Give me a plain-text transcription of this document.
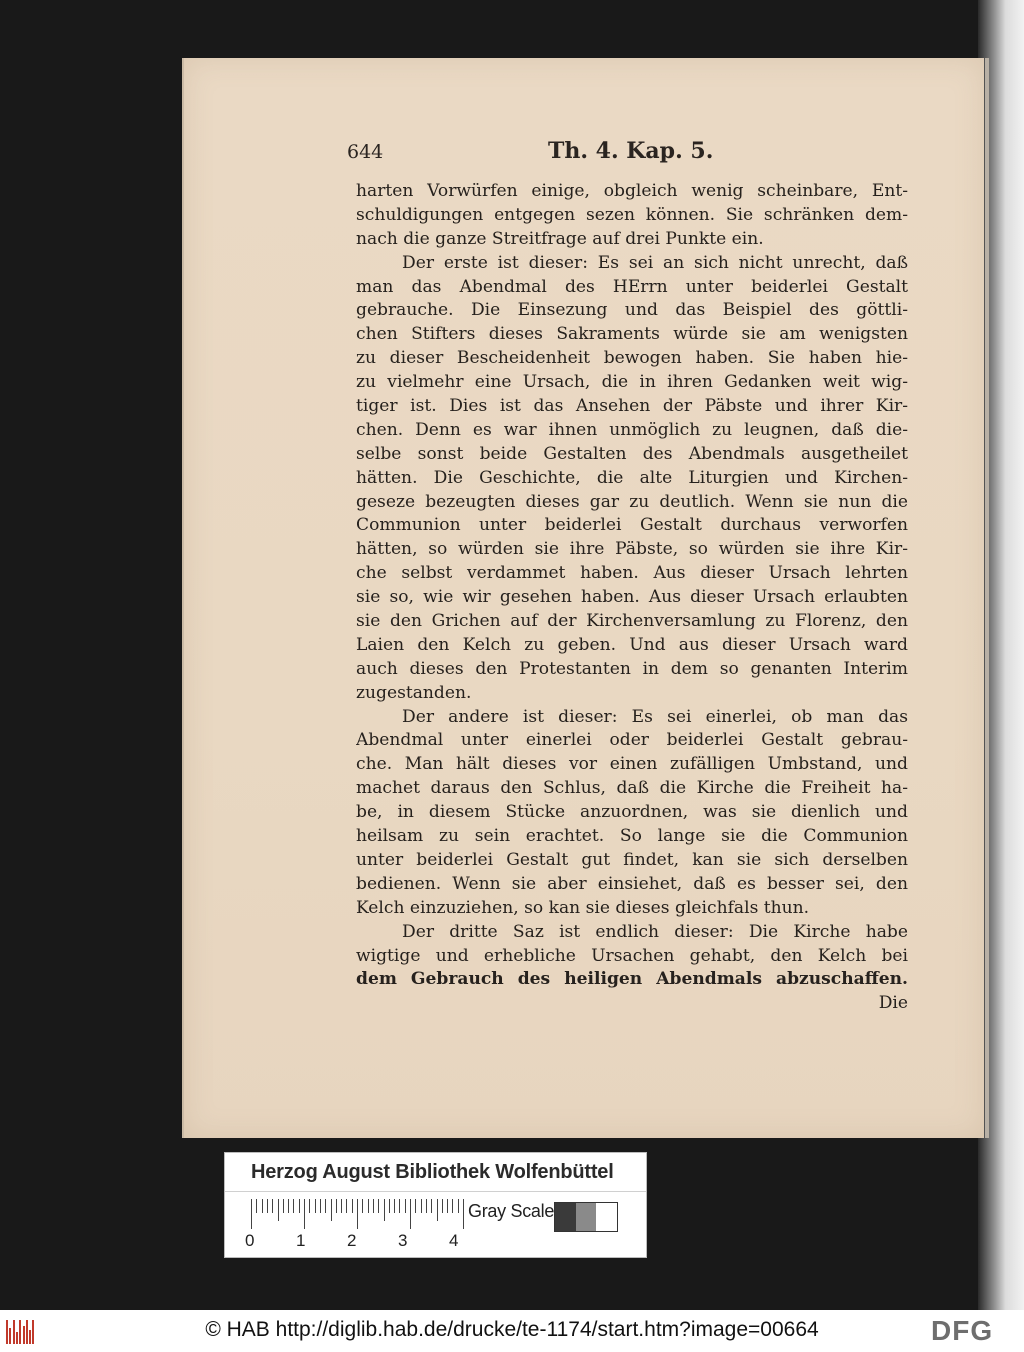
644	Th. 4. Kap. 5.
harten Vorwürfen einige, obgleich wenig scheinbare, Ent-
schuldigungen entgegen sezen können. Sie schränken dem-
nach die ganze Streitfrage auf drei Punkte ein.
Der erste ist dieser: Es sei an sich nicht unrecht, daß
man das Abendmal des HErrn unter beiderlei Gestalt
gebrauche. Die Einsezung und das Beispiel des göttli-
chen Stifters dieses Sakraments würde sie am wenigsten
zu dieser Bescheidenheit bewogen haben. Sie haben hie-
zu vielmehr eine Ursach, die in ihren Gedanken weit wig-
tiger ist. Dies ist das Ansehen der Päbste und ihrer Kir-
chen. Denn es war ihnen unmöglich zu leugnen, daß die-
selbe sonst beide Gestalten des Abendmals ausgetheilet
hätten. Die Geschichte, die alte Liturgien und Kirchen-
geseze bezeugten dieses gar zu deutlich. Wenn sie nun die
Communion unter beiderlei Gestalt durchaus verworfen
hätten, so würden sie ihre Päbste, so würden sie ihre Kir-
che selbst verdammet haben. Aus dieser Ursach lehrten
sie so, wie wir gesehen haben. Aus dieser Ursach erlaubten
sie den Grichen auf der Kirchenversamlung zu Florenz, den
Laien den Kelch zu geben. Und aus dieser Ursach ward
auch dieses den Protestanten in dem so genanten Interim
zugestanden.
Der andere ist dieser: Es sei einerlei, ob man das
Abendmal unter einerlei oder beiderlei Gestalt gebrau-
che. Man hält dieses vor einen zufälligen Umbstand, und
machet daraus den Schlus, daß die Kirche die Freiheit ha-
be, in diesem Stücke anzuordnen, was sie dienlich und
heilsam zu sein erachtet. So lange sie die Communion
unter beiderlei Gestalt gut findet, kan sie sich derselben
bedienen. Wenn sie aber einsiehet, daß es besser sei, den
Kelch einzuziehen, so kan sie dieses gleichfals thun.
Der dritte Saz ist endlich dieser: Die Kirche habe
wigtige und erhebliche Ursachen gehabt, den Kelch bei
dem Gebrauch des heiligen Abendmals abzuschaffen.
Die
Herzog August Bibliothek Wolfenbüttel
0 1 2 3 4
Gray Scale
© HAB http://diglib.hab.de/drucke/te-1174/start.htm?image=00664	DFG
